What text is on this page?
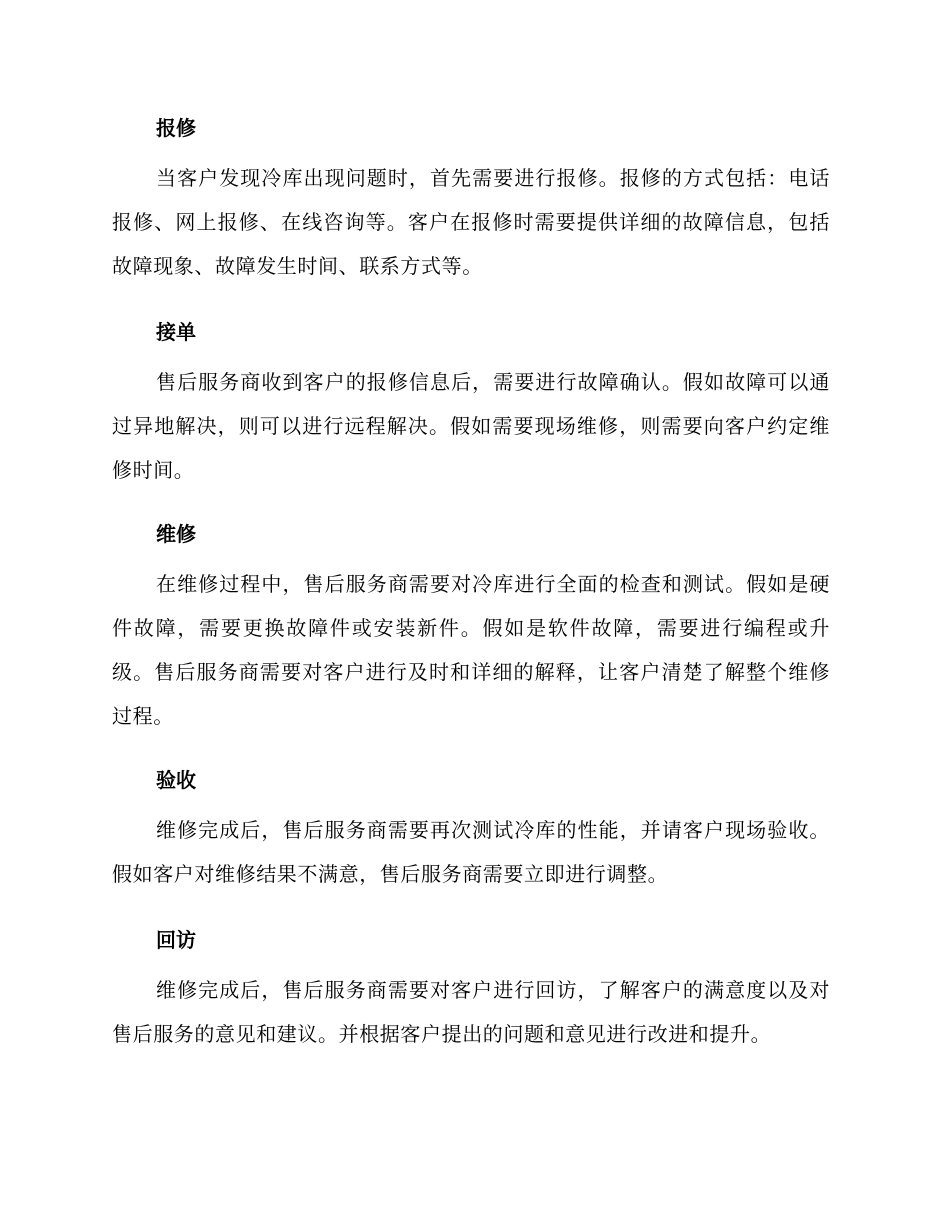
报修

当客户发现冷库出现问题时，首先需要进行报修。报修的方式包括：电话报修、网上报修、在线咨询等。客户在报修时需要提供详细的故障信息，包括故障现象、故障发生时间、联系方式等。

接单

售后服务商收到客户的报修信息后，需要进行故障确认。假如故障可以通过异地解决，则可以进行远程解决。假如需要现场维修，则需要向客户约定维修时间。

维修

在维修过程中，售后服务商需要对冷库进行全面的检查和测试。假如是硬件故障，需要更换故障件或安装新件。假如是软件故障，需要进行编程或升级。售后服务商需要对客户进行及时和详细的解释，让客户清楚了解整个维修过程。

验收

维修完成后，售后服务商需要再次测试冷库的性能，并请客户现场验收。假如客户对维修结果不满意，售后服务商需要立即进行调整。

回访

维修完成后，售后服务商需要对客户进行回访，了解客户的满意度以及对售后服务的意见和建议。并根据客户提出的问题和意见进行改进和提升。
